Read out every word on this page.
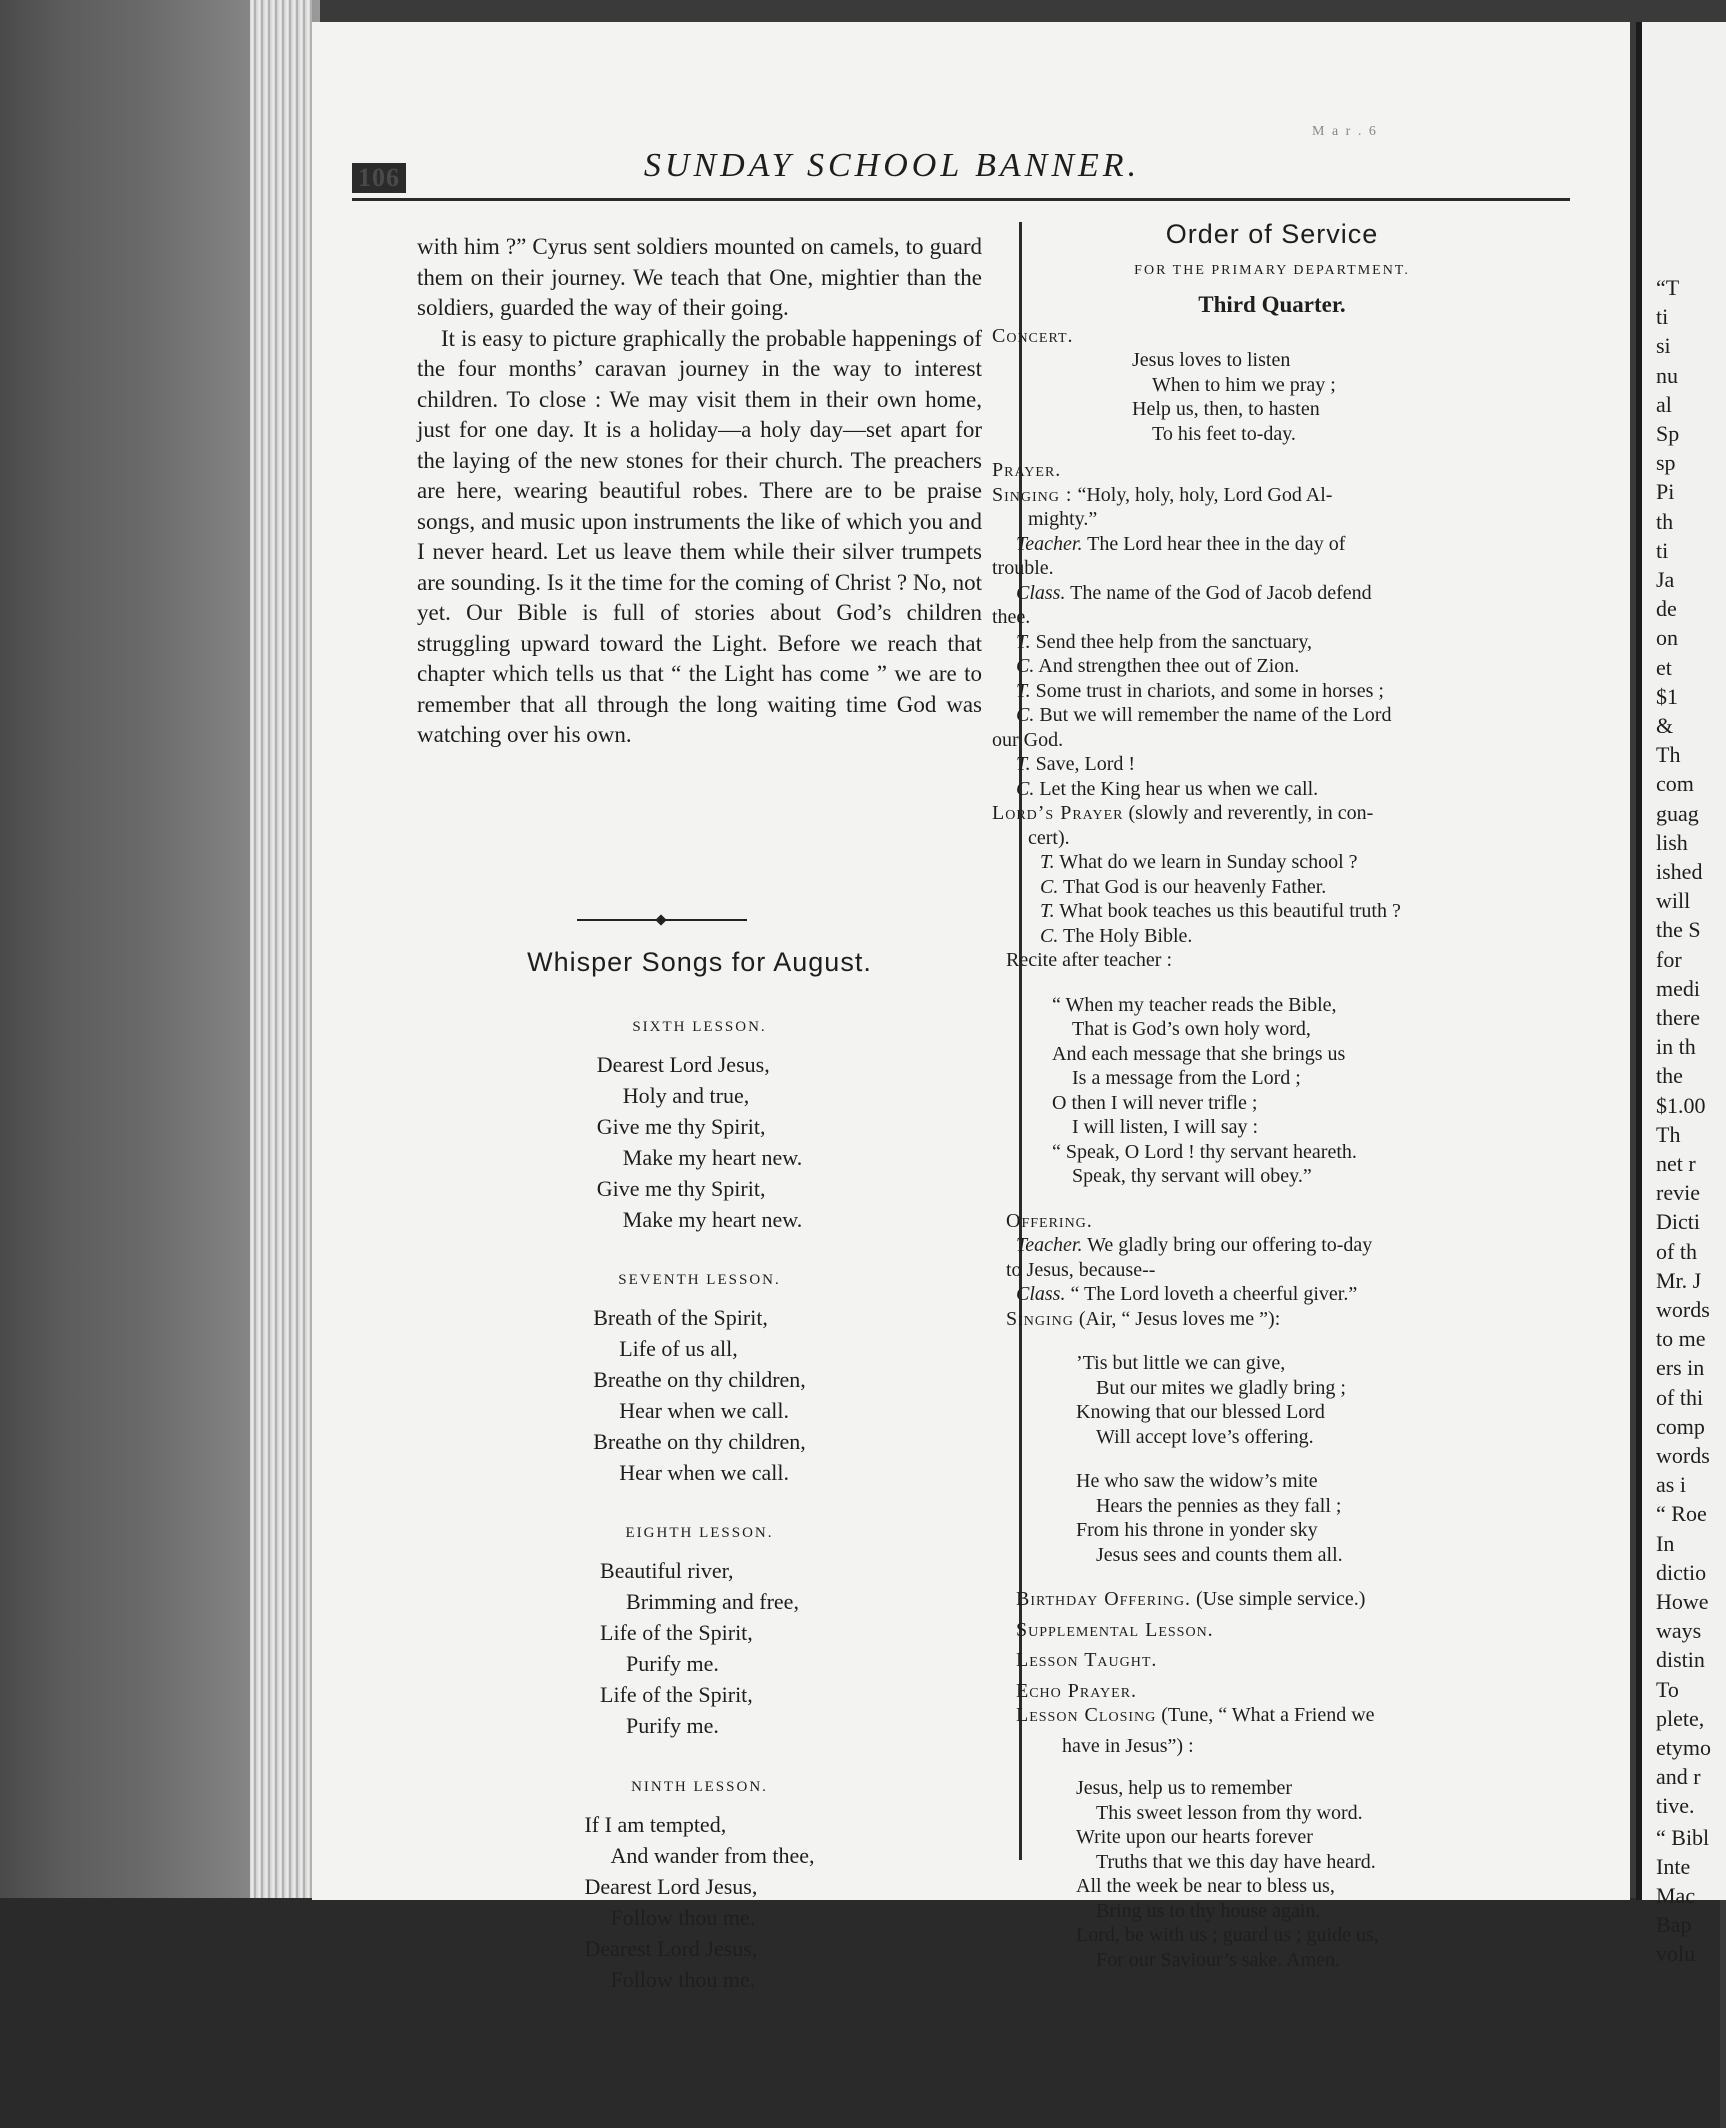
106	SUNDAY SCHOOL BANNER.
M a r . 6

with him ?” Cyrus sent soldiers mounted on camels, to guard them on their journey. We teach that One, mightier than the soldiers, guarded the way of their going.

It is easy to picture graphically the probable happenings of the four months’ caravan journey in the way to interest children. To close : We may visit them in their own home, just for one day. It is a holiday—a holy day—set apart for the laying of the new stones for their church. The preachers are here, wearing beautiful robes. There are to be praise songs, and music upon instruments the like of which you and I never heard. Let us leave them while their silver trumpets are sounding. Is it the time for the coming of Christ ? No, not yet. Our Bible is full of stories about God’s children struggling upward toward the Light. Before we reach that chapter which tells us that “ the Light has come ” we are to remember that all through the long waiting time God was watching over his own.

Whisper Songs for August.
SIXTH LESSON.
Dearest Lord Jesus,
Holy and true,
Give me thy Spirit,
Make my heart new.
Give me thy Spirit,
Make my heart new.
SEVENTH LESSON.
Breath of the Spirit,
Life of us all,
Breathe on thy children,
Hear when we call.
Breathe on thy children,
Hear when we call.
EIGHTH LESSON.
Beautiful river,
Brimming and free,
Life of the Spirit,
Purify me.
Life of the Spirit,
Purify me.
NINTH LESSON.
If I am tempted,
And wander from thee,
Dearest Lord Jesus,
Follow thou me.
Dearest Lord Jesus,
Follow thou me.
Order of Service
FOR THE PRIMARY DEPARTMENT.
Third Quarter.
Concert.
Jesus loves to listen
When to him we pray ;
Help us, then, to hasten
To his feet to-day.
Prayer.
Singing : “Holy, holy, holy, Lord God Al-
mighty.”
Teacher. The Lord hear thee in the day of
trouble.
Class. The name of the God of Jacob defend
thee.
T. Send thee help from the sanctuary,
C. And strengthen thee out of Zion.
T. Some trust in chariots, and some in horses ;
C. But we will remember the name of the Lord
our God.
T. Save, Lord !
C. Let the King hear us when we call.
Lord’s Prayer (slowly and reverently, in con-
cert).
T. What do we learn in Sunday school ?
C. That God is our heavenly Father.
T. What book teaches us this beautiful truth ?
C. The Holy Bible.
Recite after teacher :
“ When my teacher reads the Bible,
That is God’s own holy word,
And each message that she brings us
Is a message from the Lord ;
O then I will never trifle ;
I will listen, I will say :
“ Speak, O Lord ! thy servant heareth.
Speak, thy servant will obey.”
Offering.
Teacher. We gladly bring our offering to-day
to Jesus, because--
Class. “ The Lord loveth a cheerful giver.”
Singing (Air, “ Jesus loves me ”):
’Tis but little we can give,
But our mites we gladly bring ;
Knowing that our blessed Lord
Will accept love’s offering.
He who saw the widow’s mite
Hears the pennies as they fall ;
From his throne in yonder sky
Jesus sees and counts them all.
Birthday Offering. (Use simple service.)
Supplemental Lesson.
Lesson Taught.
Echo Prayer.
Lesson Closing (Tune, “ What a Friend we
have in Jesus”) :
Jesus, help us to remember
This sweet lesson from thy word.
Write upon our hearts forever
Truths that we this day have heard.
All the week be near to bless us,
Bring us to thy house again.
Lord, be with us ; guard us ; guide us,
For our Saviour’s sake. Amen.
“T
ti
si
nu
al
Sp
sp
Pi
th
ti
Ja
de
on
et
$1
&
Th
com
guag
lish
ished
will
the S
for
medi
there
in th
the
$1.00
Th
net r
revie
Dicti
of th
Mr. J
words
to me
ers in
of thi
comp
words
as i
“ Roe
In
dictio
Howe
ways
distin
To
plete,
etymo
and r
tive.
“ Bibl
Inte
Mac
Bap
volu
